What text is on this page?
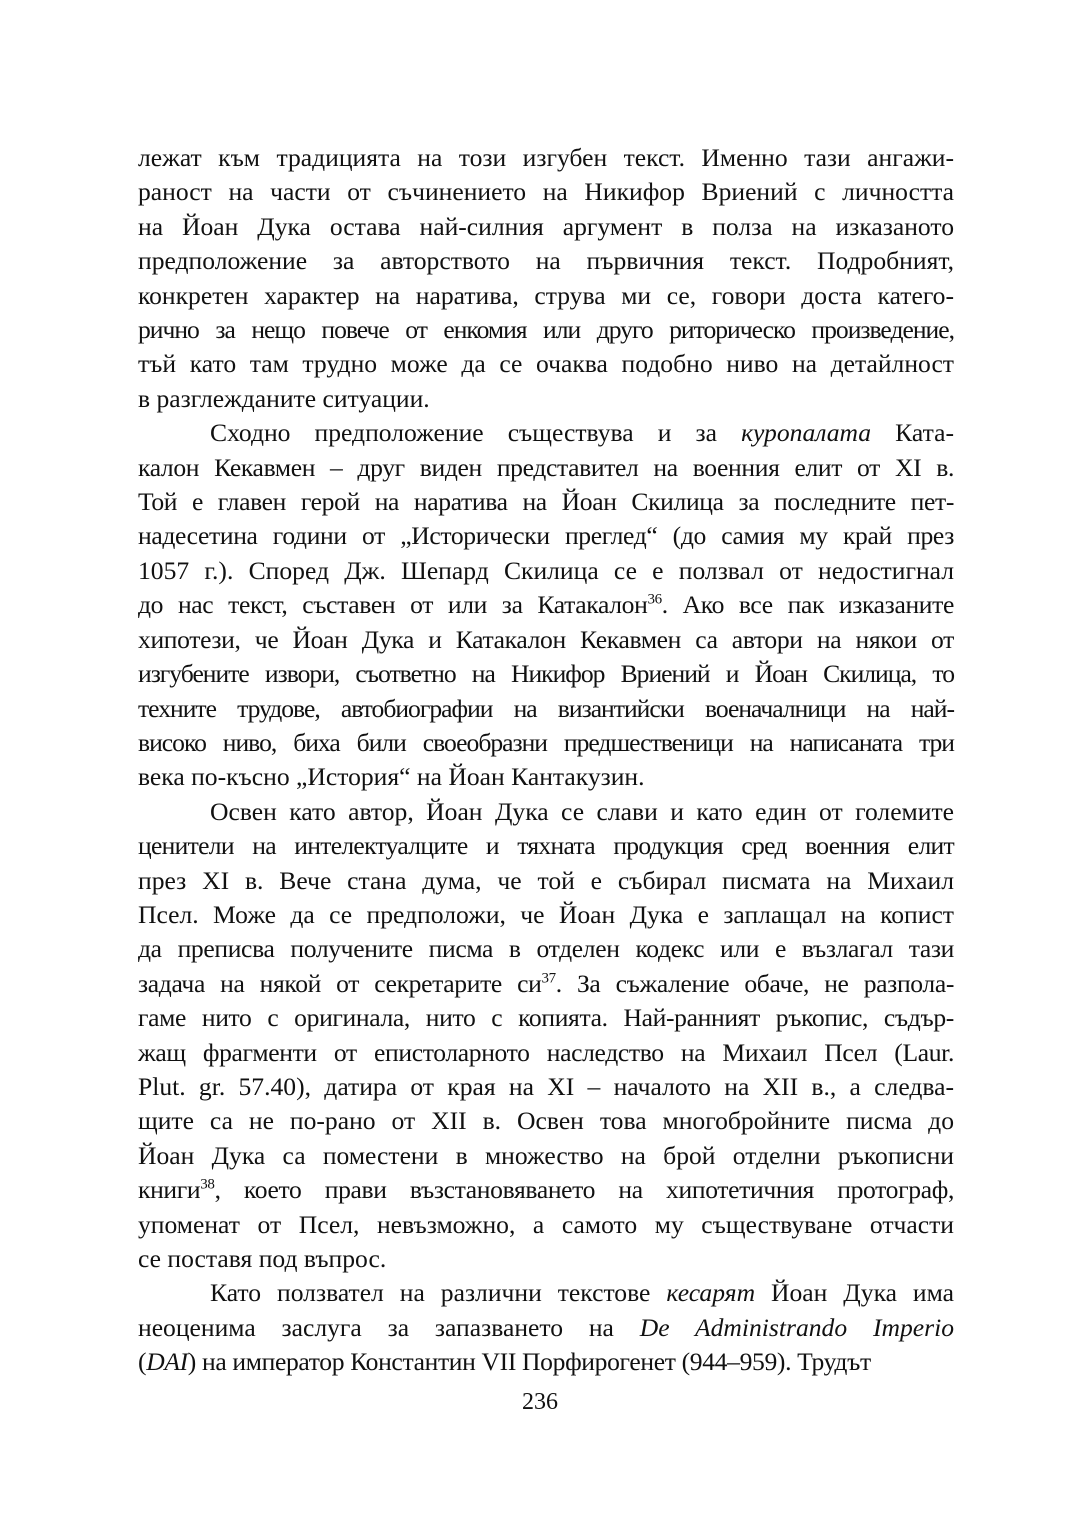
лежат към традицията на този изгубен текст. Именно тази ангажи-
раност на части от съчинението на Никифор Вриений с личността
на Йоан Дука остава най-силния аргумент в полза на изказаното
предположение за авторството на първичния текст. Подробният,
конкретен характер на наратива, струва ми се, говори доста катего-
рично за нещо повече от енкомия или друго риторическо произведение,
тъй като там трудно може да се очаква подобно ниво на детайлност
в разглежданите ситуации.
Сходно предположение съществува и за куропалата Ката-
калон Кекавмен – друг виден представител на военния елит от XI в.
Той е главен герой на наратива на Йоан Скилица за последните пет-
надесетина години от „Исторически преглед“ (до самия му край през
1057 г.). Според Дж. Шепард Скилица се е ползвал от недостигнал
до нас текст, съставен от или за Катакалон$^{36}$. Ако все пак изказаните
хипотези, че Йоан Дука и Катакалон Кекавмен са автори на някои от
изгубените извори, съответно на Никифор Вриений и Йоан Скилица, то
техните трудове, автобиографии на византийски военачалници на най-
високо ниво, биха били своеобразни предшественици на написаната три
века по-късно „История“ на Йоан Кантакузин.
Освен като автор, Йоан Дука се слави и като един от големите
ценители на интелектуалците и тяхната продукция сред военния елит
през XI в. Вече стана дума, че той е събирал писмата на Михаил
Псел. Може да се предположи, че Йоан Дука е заплащал на копист
да преписва получените писма в отделен кодекс или е възлагал тази
задача на някой от секретарите $си^{37}$. За съжаление обаче, не разпола-
гаме нито с оригинала, нито с копията. Най-ранният ръкопис, съдър-
жащ фрагменти от епистоларното наследство на Михаил Псел (Laur.
Plut. gr. 57.40), датира от края на XI – началото на XII в., а следва-
щите са не по-рано от XII в. Освен това многобройните писма до
Йоан Дука са поместени в множество на брой отделни ръкописни
книги$^{38}$, което прави възстановяването на хипотетичния протограф,
упоменат от Псел, невъзможно, а самото му съществуване отчасти
се поставя под въпрос.
Като ползвател на различни текстове кесарят Йоан Дука има
неоценима заслуга за запазването на De Administrando Imperio
(DAI) на император Константин VII Порфирогенет (944–959). Трудът
236
